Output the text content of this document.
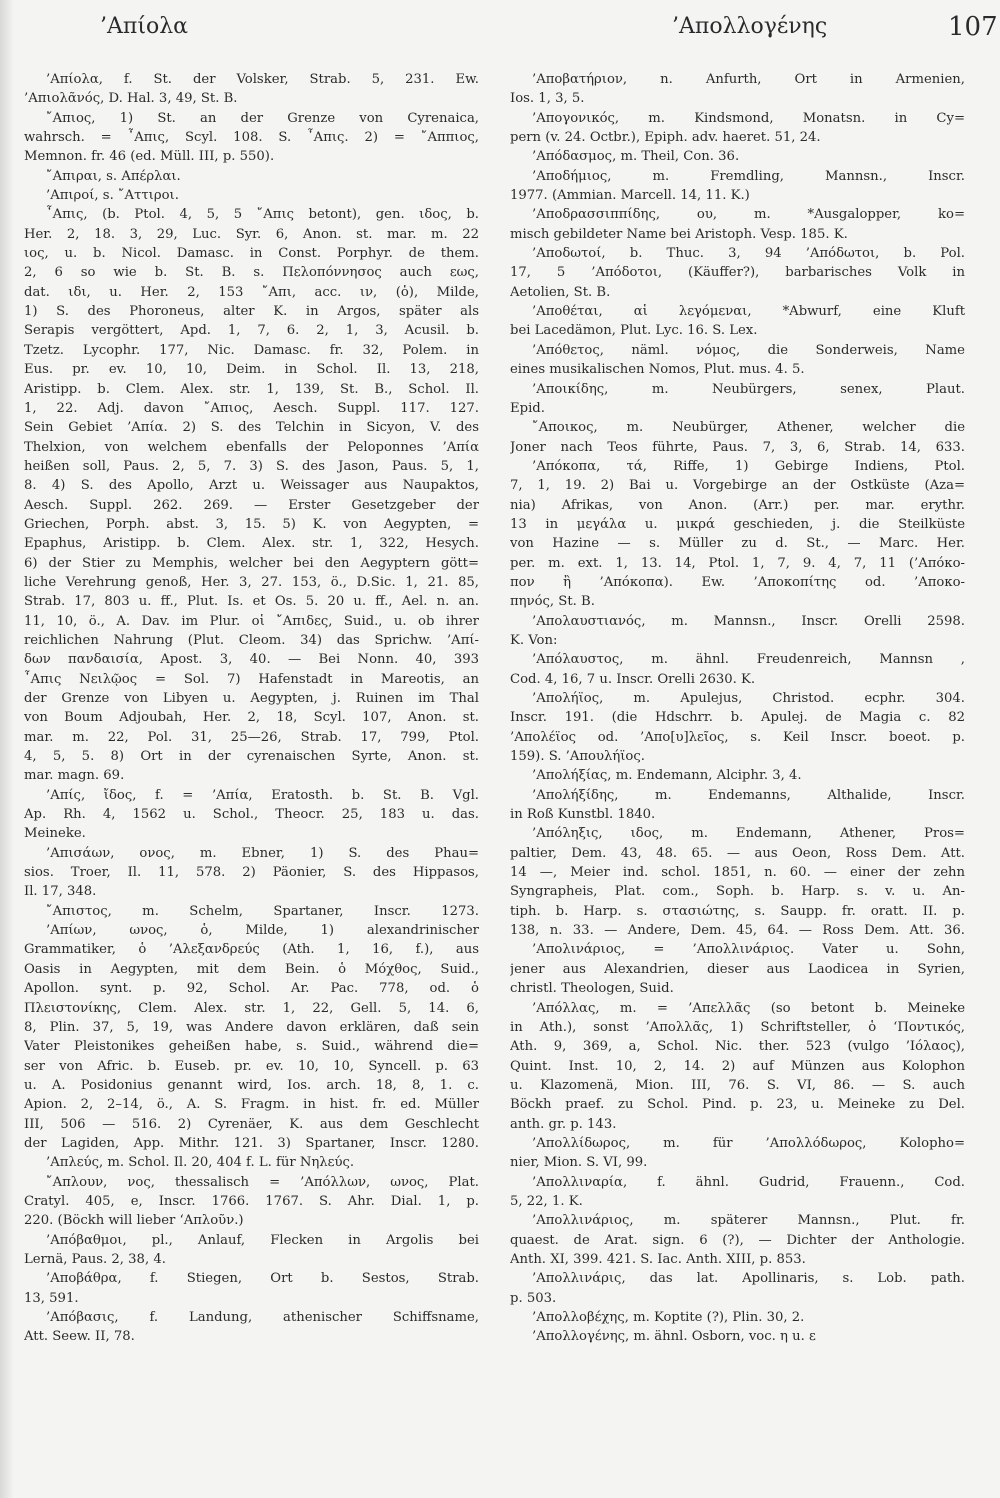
’Απίολα	’Απολλογένης	107
’Απίολα, f. St. der Volsker, Strab. 5, 231. Ew.
’Απιολᾶνός, D. Hal. 3, 49, St. B.
῎Απιος, 1) St. an der Grenze von Cyrenaica,
wahrsch. = ῏Απις, Scyl. 108. S. ῏Απις. 2) = ῎Αππιος,
Memnon. fr. 46 (ed. Müll. III, p. 550).
῎Απιραι, s. Απέρλαι.
’Απιροί, s. ῎Αττιροι.
῏Απις, (b. Ptol. 4, 5, 5 ῎Απις betont), gen. ιδος, b.
Her. 2, 18. 3, 29, Luc. Syr. 6, Anon. st. mar. m. 22
ιος, u. b. Nicol. Damasc. in Const. Porphyr. de them.
2, 6 so wie b. St. B. s. Πελοπόννησος auch εως,
dat. ιδι, u. Her. 2, 153 ῎Απι, acc. ιν, (ὁ), Milde,
1) S. des Phoroneus, alter K. in Argos, später als
Serapis vergöttert, Apd. 1, 7, 6. 2, 1, 3, Acusil. b.
Tzetz. Lycophr. 177, Nic. Damasc. fr. 32, Polem. in
Eus. pr. ev. 10, 10, Deim. in Schol. Il. 13, 218,
Aristipp. b. Clem. Alex. str. 1, 139, St. B., Schol. Il.
1, 22. Adj. davon ῎Απιος, Aesch. Suppl. 117. 127.
Sein Gebiet ’Απία. 2) S. des Telchin in Sicyon, V. des
Thelxion, von welchem ebenfalls der Peloponnes ’Απία
heißen soll, Paus. 2, 5, 7. 3) S. des Jason, Paus. 5, 1,
8. 4) S. des Apollo, Arzt u. Weissager aus Naupaktos,
Aesch. Suppl. 262. 269. — Erster Gesetzgeber der
Griechen, Porph. abst. 3, 15. 5) K. von Aegypten, =
Epaphus, Aristipp. b. Clem. Alex. str. 1, 322, Hesych.
6) der Stier zu Memphis, welcher bei den Aegyptern gött=
liche Verehrung genoß, Her. 3, 27. 153, ö., D.Sic. 1, 21. 85,
Strab. 17, 803 u. ff., Plut. Is. et Os. 5. 20 u. ff., Ael. n. an.
11, 10, ö., A. Dav. im Plur. οἱ ῎Απιδες, Suid., u. ob ihrer
reichlichen Nahrung (Plut. Cleom. 34) das Sprichw. ’Απί-
δων πανδαισία, Apost. 3, 40. — Bei Nonn. 40, 393
῏Απις Νειλῷος = Sol. 7) Hafenstadt in Mareotis, an
der Grenze von Libyen u. Aegypten, j. Ruinen im Thal
von Boum Adjoubah, Her. 2, 18, Scyl. 107, Anon. st.
mar. m. 22, Pol. 31, 25—26, Strab. 17, 799, Ptol.
4, 5, 5. 8) Ort in der cyrenaischen Syrte, Anon. st.
mar. magn. 69.
’Απίς, ἴδος, f. = ’Απία, Eratosth. b. St. B. Vgl.
Ap. Rh. 4, 1562 u. Schol., Theocr. 25, 183 u. das.
Meineke.
’Απισάων, ονος, m. Ebner, 1) S. des Phau=
sios. Troer, Il. 11, 578. 2) Päonier, S. des Hippasos,
Il. 17, 348.
῎Απιστος, m. Schelm, Spartaner, Inscr. 1273.
’Απίων, ωνος, ὁ, Milde, 1) alexandrinischer
Grammatiker, ὁ ’Αλεξανδρεύς (Ath. 1, 16, f.), aus
Oasis in Aegypten, mit dem Bein. ὁ Μόχθος, Suid.,
Apollon. synt. p. 92, Schol. Ar. Pac. 778, od. ὁ
Πλειστονίκης, Clem. Alex. str. 1, 22, Gell. 5, 14. 6,
8, Plin. 37, 5, 19, was Andere davon erklären, daß sein
Vater Pleistonikes geheißen habe, s. Suid., während die=
ser von Afric. b. Euseb. pr. ev. 10, 10, Syncell. p. 63
u. A. Posidonius genannt wird, Ios. arch. 18, 8, 1. c.
Apion. 2, 2–14, ö., A. S. Fragm. in hist. fr. ed. Müller
III, 506 — 516. 2) Cyrenäer, K. aus dem Geschlecht
der Lagiden, App. Mithr. 121. 3) Spartaner, Inscr. 1280.
’Απλεύς, m. Schol. Il. 20, 404 f. L. für Νηλεύς.
῎Απλουν, νος, thessalisch = ’Απόλλων, ωνος, Plat.
Cratyl. 405, e, Inscr. 1766. 1767. S. Ahr. Dial. 1, p.
220. (Böckh will lieber ‘Απλοῦν.)
’Απόβαθμοι, pl., Anlauf, Flecken in Argolis bei
Lernä, Paus. 2, 38, 4.
’Αποβάθρα, f. Stiegen, Ort b. Sestos, Strab.
13, 591.
’Απόβασις, f. Landung, athenischer Schiffsname,
Att. Seew. II, 78.
’Αποβατήριον, n. Anfurth, Ort in Armenien,
Ios. 1, 3, 5.
’Απογονικός, m. Kindsmond, Monatsn. in Cy=
pern (v. 24. Octbr.), Epiph. adv. haeret. 51, 24.
’Απόδασμος, m. Theil, Con. 36.
’Αποδήμιος, m. Fremdling, Mannsn., Inscr.
1977. (Ammian. Marcell. 14, 11. K.)
’Αποδρασσιππίδης, ου, m. *Ausgalopper, ko=
misch gebildeter Name bei Aristoph. Vesp. 185. K.
’Αποδωτοί, b. Thuc. 3, 94 ’Απόδωτοι, b. Pol.
17, 5 ’Απόδοτοι, (Käuffer?), barbarisches Volk in
Aetolien, St. B.
’Αποθέται, αἱ λεγόμεναι, *Abwurf, eine Kluft
bei Lacedämon, Plut. Lyc. 16. S. Lex.
’Απόθετος, näml. νόμος, die Sonderweis, Name
eines musikalischen Nomos, Plut. mus. 4. 5.
’Αποικίδης, m. Neubürgers, senex, Plaut.
Epid.
῎Αποικος, m. Neubürger, Athener, welcher die
Joner nach Teos führte, Paus. 7, 3, 6, Strab. 14, 633.
’Απόκοπα, τά, Riffe, 1) Gebirge Indiens, Ptol.
7, 1, 19. 2) Bai u. Vorgebirge an der Ostküste (Aza=
nia) Afrikas, von Anon. (Arr.) per. mar. erythr.
13 in μεγάλα u. μικρά geschieden, j. die Steilküste
von Hazine — s. Müller zu d. St., — Marc. Her.
per. m. ext. 1, 13. 14, Ptol. 1, 7, 9. 4, 7, 11 (’Απόκο-
πον ἢ ’Απόκοπα). Ew. ’Αποκοπίτης od. ’Αποκο-
πηνός, St. B.
’Απολαυστιανός, m. Mannsn., Inscr. Orelli 2598.
K. Von:
’Απόλαυστος, m. ähnl. Freudenreich, Mannsn ,
Cod. 4, 16, 7 u. Inscr. Orelli 2630. K.
’Απολήϊος, m. Apulejus, Christod. ecphr. 304.
Inscr. 191. (die Hdschrr. b. Apulej. de Magia c. 82
’Απολέϊος od. ’Απο[υ]λεῖος, s. Keil Inscr. boeot. p.
159). S. ’Απουλήϊος.
’Απολήξίας, m. Endemann, Alciphr. 3, 4.
’Απολήξίδης, m. Endemanns, Althalide, Inscr.
in Roß Kunstbl. 1840.
’Απόληξις, ιδος, m. Endemann, Athener, Pros=
paltier, Dem. 43, 48. 65. — aus Oeon, Ross Dem. Att.
14 —, Meier ind. schol. 1851, n. 60. — einer der zehn
Syngrapheis, Plat. com., Soph. b. Harp. s. v. u. An-
tiph. b. Harp. s. στασιώτης, s. Saupp. fr. oratt. II. p.
138, n. 33. — Andere, Dem. 45, 64. — Ross Dem. Att. 36.
’Απολινάριος, = ’Απολλινάριος. Vater u. Sohn,
jener aus Alexandrien, dieser aus Laodicea in Syrien,
christl. Theologen, Suid.
’Απόλλας, m. = ’Απελλᾶς (so betont b. Meineke
in Ath.), sonst ’Απολλᾶς, 1) Schriftsteller, ὁ ‘Ποντικός,
Ath. 9, 369, a, Schol. Nic. ther. 523 (vulgo ’Ιόλαος),
Quint. Inst. 10, 2, 14. 2) auf Münzen aus Kolophon
u. Klazomenä, Mion. III, 76. S. VI, 86. — S. auch
Böckh praef. zu Schol. Pind. p. 23, u. Meineke zu Del.
anth. gr. p. 143.
’Απολλίδωρος, m. für ’Απολλόδωρος, Kolopho=
nier, Mion. S. VI, 99.
’Απολλιναρία, f. ähnl. Gudrid, Frauenn., Cod.
5, 22, 1. K.
’Απολλινάριος, m. späterer Mannsn., Plut. fr.
quaest. de Arat. sign. 6 (?), — Dichter der Anthologie.
Anth. XI, 399. 421. S. Iac. Anth. XIII, p. 853.
’Απολλινάρις, das lat. Apollinaris, s. Lob. path.
p. 503.
’Απολλοβέχης, m. Koptite (?), Plin. 30, 2.
’Απολλογένης, m. ähnl. Osborn, voc. η u. ε
